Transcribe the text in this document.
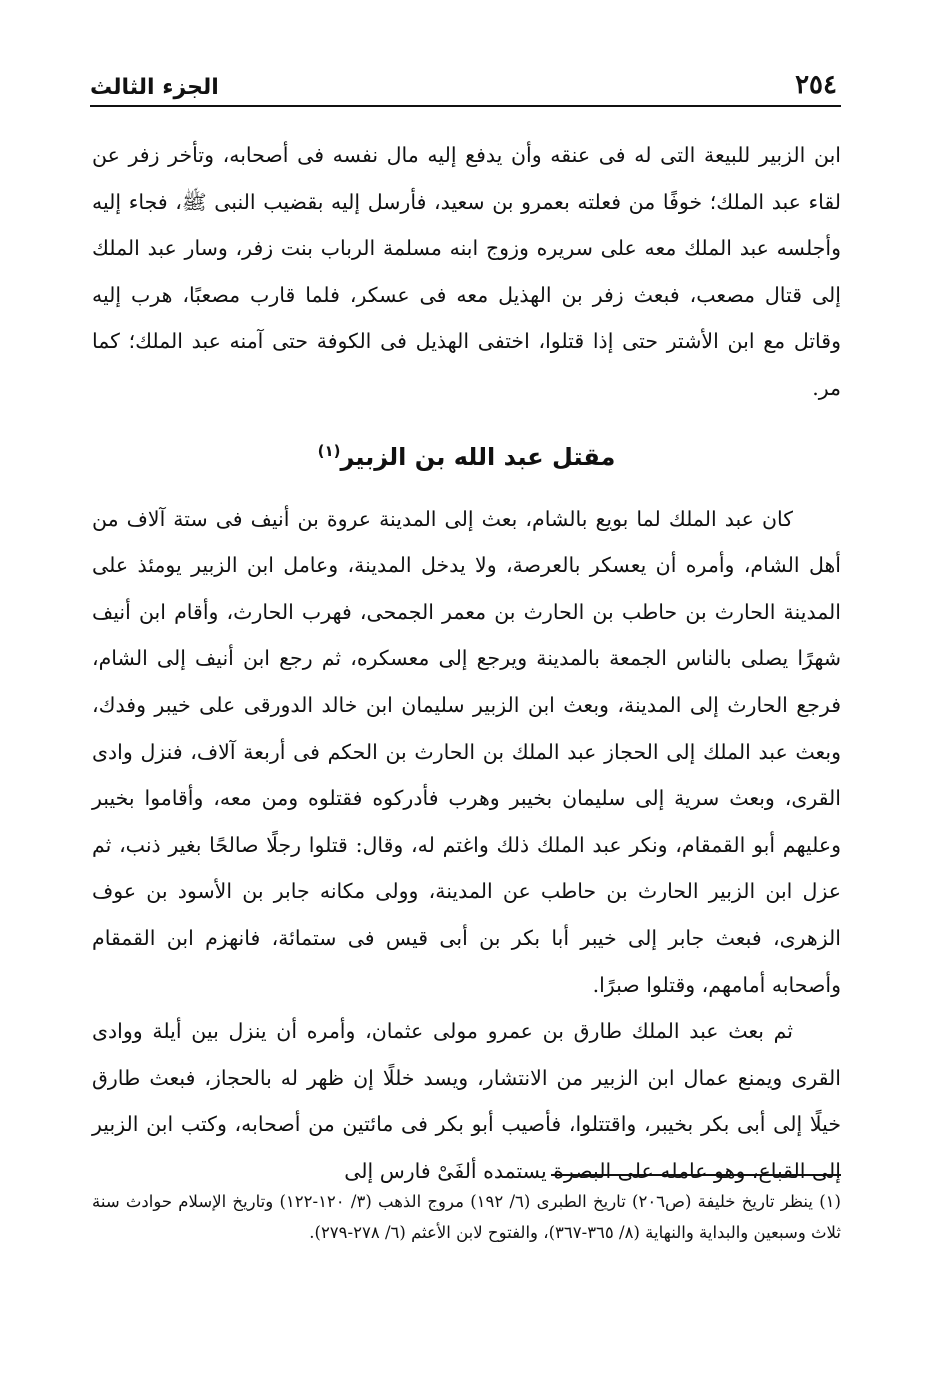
٢٥٤
الجزء الثالث

ابن الزبير للبيعة التى له فى عنقه وأن يدفع إليه مال نفسه فى أصحابه، وتأخر زفر عن لقاء عبد الملك؛ خوفًا من فعلته بعمرو بن سعيد، فأرسل إليه بقضيب النبى ﷺ، فجاء إليه وأجلسه عبد الملك معه على سريره وزوج ابنه مسلمة الرباب بنت زفر، وسار عبد الملك إلى قتال مصعب، فبعث زفر بن الهذيل معه فى عسكر، فلما قارب مصعبًا، هرب إليه وقاتل مع ابن الأشتر حتى إذا قتلوا، اختفى الهذيل فى الكوفة حتى آمنه عبد الملك؛ كما مر.

مقتل عبد الله بن الزبير$^{(١)}$

كان عبد الملك لما بويع بالشام، بعث إلى المدينة عروة بن أنيف فى ستة آلاف من أهل الشام، وأمره أن يعسكر بالعرصة، ولا يدخل المدينة، وعامل ابن الزبير يومئذ على المدينة الحارث بن حاطب بن الحارث بن معمر الجمحى، فهرب الحارث، وأقام ابن أنيف شهرًا يصلى بالناس الجمعة بالمدينة ويرجع إلى معسكره، ثم رجع ابن أنيف إلى الشام، فرجع الحارث إلى المدينة، وبعث ابن الزبير سليمان ابن خالد الدورقى على خيبر وفدك، وبعث عبد الملك إلى الحجاز عبد الملك بن الحارث بن الحكم فى أربعة آلاف، فنزل وادى القرى، وبعث سرية إلى سليمان بخيبر وهرب فأدركوه فقتلوه ومن معه، وأقاموا بخيبر وعليهم أبو القمقام، ونكر عبد الملك ذلك واغتم له، وقال: قتلوا رجلًا صالحًا بغير ذنب، ثم عزل ابن الزبير الحارث بن حاطب عن المدينة، وولى مكانه جابر بن الأسود بن عوف الزهرى، فبعث جابر إلى خيبر أبا بكر بن أبى قيس فى ستمائة، فانهزم ابن القمقام وأصحابه أمامهم، وقتلوا صبرًا.

ثم بعث عبد الملك طارق بن عمرو مولى عثمان، وأمره أن ينزل بين أيلة ووادى القرى ويمنع عمال ابن الزبير من الانتشار، ويسد خللًا إن ظهر له بالحجاز، فبعث طارق خيلًا إلى أبى بكر بخيبر، واقتتلوا، فأصيب أبو بكر فى مائتين من أصحابه، وكتب ابن الزبير إلى القباع، وهو عامله على البصرة يستمده ألفَىْ فارس إلى

(١) ينظر تاريخ خليفة (ص٢٠٦) تاريخ الطبرى (٦/ ١٩٢) مروج الذهب (٣/ ١٢٠-١٢٢) وتاريخ الإسلام حوادث سنة ثلاث وسبعين والبداية والنهاية (٨/ ٣٦٥-٣٦٧)، والفتوح لابن الأعثم (٦/ ٢٧٨-٢٧٩).
